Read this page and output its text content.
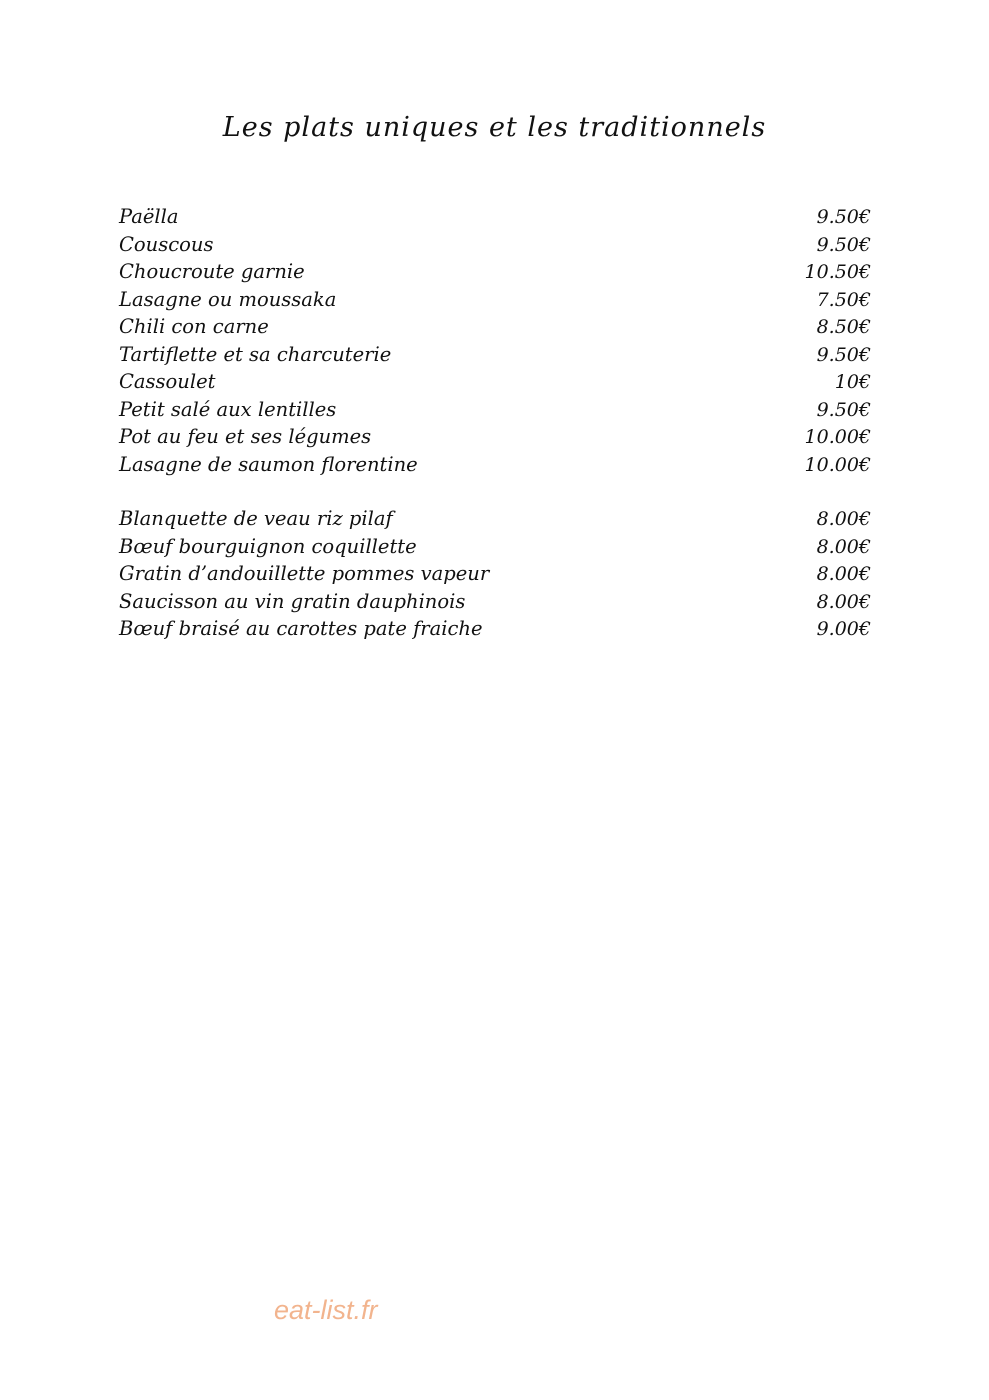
Les plats uniques et les traditionnels
Paëlla	9.50€
Couscous	9.50€
Choucroute garnie	10.50€
Lasagne ou moussaka	7.50€
Chili con carne	8.50€
Tartiflette et sa charcuterie	9.50€
Cassoulet	10€
Petit salé aux lentilles	9.50€
Pot au feu et ses légumes	10.00€
Lasagne de saumon florentine	10.00€
Blanquette de veau riz pilaf	8.00€
Bœuf bourguignon coquillette	8.00€
Gratin d’andouillette pommes vapeur	8.00€
Saucisson au vin gratin dauphinois	8.00€
Bœuf braisé au carottes pate fraiche	9.00€
eat-list.fr
